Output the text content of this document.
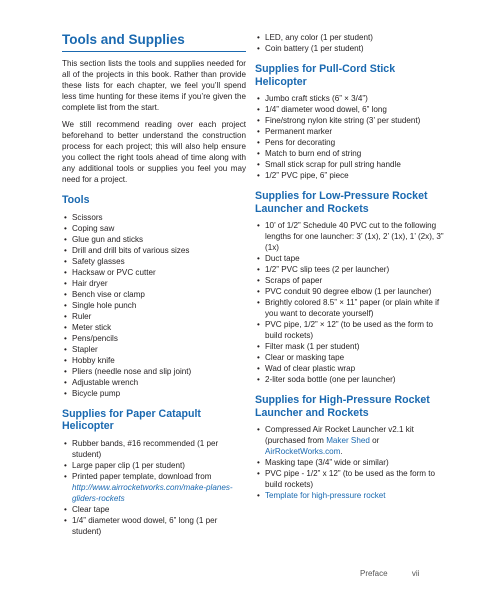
Tools and Supplies

This section lists the tools and supplies needed for all of the projects in this book. Rather than provide these lists for each chapter, we feel you’ll spend less time hunting for these items if you’re given the complete list from the start.

We still recommend reading over each project beforehand to better understand the construction process for each project; this will also help ensure you collect the right tools ahead of time along with any additional tools or supplies you feel you may need for a project.

Tools
• Scissors
• Coping saw
• Glue gun and sticks
• Drill and drill bits of various sizes
• Safety glasses
• Hacksaw or PVC cutter
• Hair dryer
• Bench vise or clamp
• Single hole punch
• Ruler
• Meter stick
• Pens/pencils
• Stapler
• Hobby knife
• Pliers (needle nose and slip joint)
• Adjustable wrench
• Bicycle pump
Supplies for Paper Catapult Helicopter
• Rubber bands, #16 recommended (1 per student)
• Large paper clip (1 per student)
• Printed paper template, download from http://www.airrocketworks.com/make-planes-gliders-rockets
• Clear tape
• 1/4” diameter wood dowel, 6” long (1 per student)
• LED, any color (1 per student)
• Coin battery (1 per student)
Supplies for Pull-Cord Stick Helicopter
• Jumbo craft sticks (6” × 3/4”)
• 1/4” diameter wood dowel, 6” long
• Fine/strong nylon kite string (3’ per student)
• Permanent marker
• Pens for decorating
• Match to burn end of string
• Small stick scrap for pull string handle
• 1/2” PVC pipe, 6” piece
Supplies for Low-Pressure Rocket Launcher and Rockets
• 10’ of 1/2” Schedule 40 PVC cut to the following lengths for one launcher: 3’ (1x), 2’ (1x), 1’ (2x), 3” (1x)
• Duct tape
• 1/2” PVC slip tees (2 per launcher)
• Scraps of paper
• PVC conduit 90 degree elbow (1 per launcher)
• Brightly colored 8.5” × 11” paper (or plain white if you want to decorate yourself)
• PVC pipe, 1/2” × 12” (to be used as the form to build rockets)
• Filter mask (1 per student)
• Clear or masking tape
• Wad of clear plastic wrap
• 2-liter soda bottle (one per launcher)
Supplies for High-Pressure Rocket Launcher and Rockets
• Compressed Air Rocket Launcher v2.1 kit (purchased from Maker Shed or AirRocketWorks.com.
• Masking tape (3/4” wide or similar)
• PVC pipe - 1/2” x 12” (to be used as the form to build rockets)
• Template for high-pressure rocket
Preface	vii
